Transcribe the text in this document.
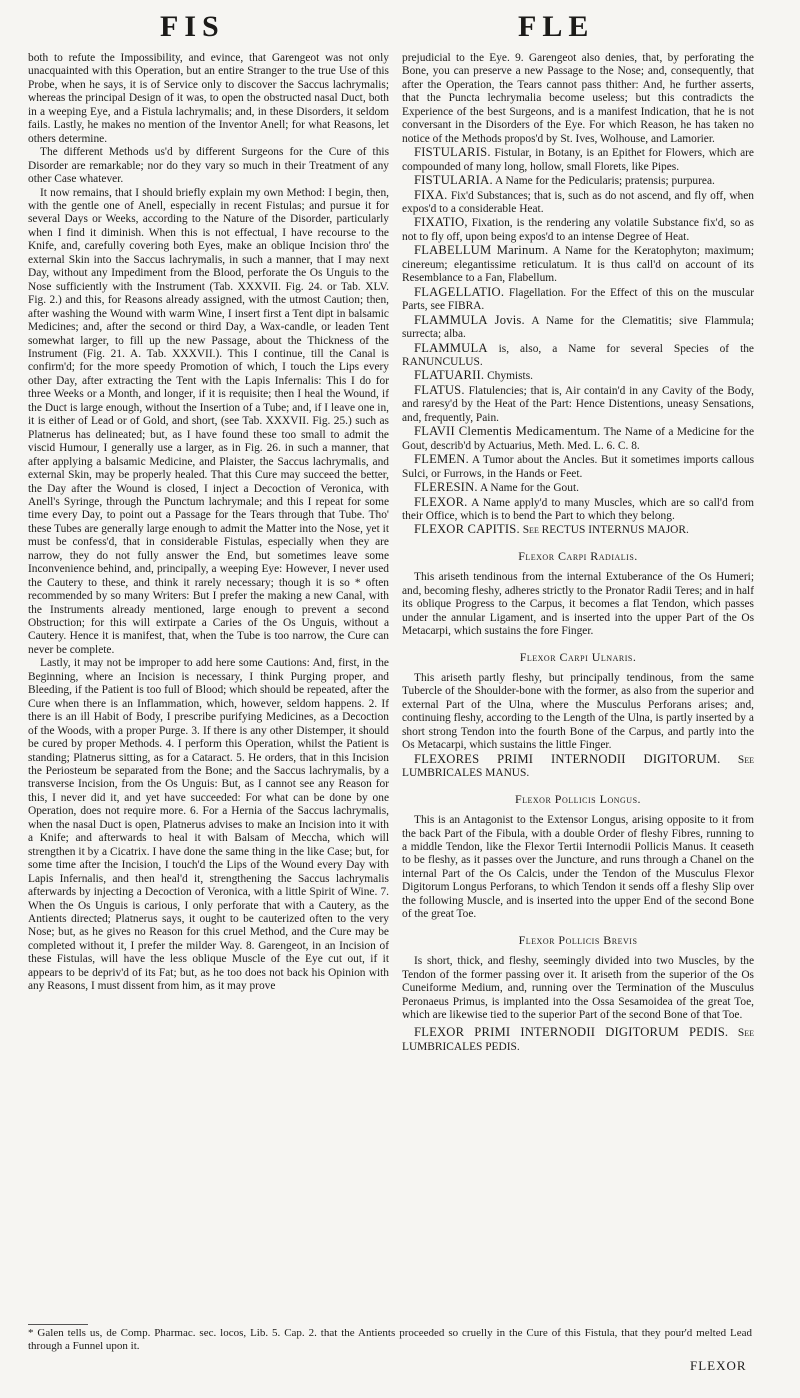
FIS	FLE

both to refute the Impossibility, and evince, that Garengeot was not only unacquainted with this Operation, but an entire Stranger to the true Use of this Probe, when he says, it is of Service only to discover the Saccus lachrymalis; whereas the principal Design of it was, to open the obstructed nasal Duct, both in a weeping Eye, and a Fistula lachrymalis; and, in these Disorders, it seldom fails. Lastly, he makes no mention of the Inventor Anell; for what Reasons, let others determine.

The different Methods us'd by different Surgeons for the Cure of this Disorder are remarkable; nor do they vary so much in their Treatment of any other Case whatever.

It now remains, that I should briefly explain my own Method: I begin, then, with the gentle one of Anell, especially in recent Fistulas; and pursue it for several Days or Weeks, according to the Nature of the Disorder, particularly when I find it diminish. When this is not effectual, I have recourse to the Knife, and, carefully covering both Eyes, make an oblique Incision thro' the external Skin into the Saccus lachrymalis, in such a manner, that I may next Day, without any Impediment from the Blood, perforate the Os Unguis to the Nose sufficiently with the Instrument (Tab. XXXVII. Fig. 24. or Tab. XLV. Fig. 2.) and this, for Reasons already assigned, with the utmost Caution; then, after washing the Wound with warm Wine, I insert first a Tent dipt in balsamic Medicines; and, after the second or third Day, a Wax-candle, or leaden Tent somewhat larger, to fill up the new Passage, about the Thickness of the Instrument (Fig. 21. A. Tab. XXXVII.). This I continue, till the Canal is confirm'd; for the more speedy Promotion of which, I touch the Lips every other Day, after extracting the Tent with the Lapis Infernalis: This I do for three Weeks or a Month, and longer, if it is requisite; then I heal the Wound, if the Duct is large enough, without the Insertion of a Tube; and, if I leave one in, it is either of Lead or of Gold, and short, (see Tab. XXXVII. Fig. 25.) such as Platnerus has delineated; but, as I have found these too small to admit the viscid Humour, I generally use a larger, as in Fig. 26. in such a manner, that after applying a balsamic Medicine, and Plaister, the Saccus lachrymalis, and external Skin, may be properly healed. That this Cure may succeed the better, the Day after the Wound is closed, I inject a Decoction of Veronica, with Anell's Syringe, through the Punctum lachrymale; and this I repeat for some time every Day, to point out a Passage for the Tears through that Tube. Tho' these Tubes are generally large enough to admit the Matter into the Nose, yet it must be confess'd, that in considerable Fistulas, especially when they are narrow, they do not fully answer the End, but sometimes leave some Inconvenience behind, and, principally, a weeping Eye: However, I never used the Cautery to these, and think it rarely necessary; though it is so * often recommended by so many Writers: But I prefer the making a new Canal, with the Instruments already mentioned, large enough to prevent a second Obstruction; for this will extirpate a Caries of the Os Unguis, without a Cautery. Hence it is manifest, that, when the Tube is too narrow, the Cure can never be complete.

Lastly, it may not be improper to add here some Cautions: And, first, in the Beginning, where an Incision is necessary, I think Purging proper, and Bleeding, if the Patient is too full of Blood; which should be repeated, after the Cure when there is an Inflammation, which, however, seldom happens. 2. If there is an ill Habit of Body, I prescribe purifying Medicines, as a Decoction of the Woods, with a proper Purge. 3. If there is any other Distemper, it should be cured by proper Methods. 4. I perform this Operation, whilst the Patient is standing; Platnerus sitting, as for a Cataract. 5. He orders, that in this Incision the Periosteum be separated from the Bone; and the Saccus lachrymalis, by a transverse Incision, from the Os Unguis: But, as I cannot see any Reason for this, I never did it, and yet have succeeded: For what can be done by one Operation, does not require more. 6. For a Hernia of the Saccus lachrymalis, when the nasal Duct is open, Platnerus advises to make an Incision into it with a Knife; and afterwards to heal it with Balsam of Meccha, which will strengthen it by a Cicatrix. I have done the same thing in the like Case; but, for some time after the Incision, I touch'd the Lips of the Wound every Day with Lapis Infernalis, and then heal'd it, strengthening the Saccus lachrymalis afterwards by injecting a Decoction of Veronica, with a little Spirit of Wine. 7. When the Os Unguis is carious, I only perforate that with a Cautery, as the Antients directed; Platnerus says, it ought to be cauterized often to the very Nose; but, as he gives no Reason for this cruel Method, and the Cure may be completed without it, I prefer the milder Way. 8. Garengeot, in an Incision of these Fistulas, will have the less oblique Muscle of the Eye cut out, if it appears to be depriv'd of its Fat; but, as he too does not back his Opinion with any Reasons, I must dissent from him, as it may prove

prejudicial to the Eye. 9. Garengeot also denies, that, by perforating the Bone, you can preserve a new Passage to the Nose; and, consequently, that after the Operation, the Tears cannot pass thither: And, he further asserts, that the Puncta lechrymalia become useless; but this contradicts the Experience of the best Surgeons, and is a manifest Indication, that he is not conversant in the Disorders of the Eye. For which Reason, he has taken no notice of the Methods propos'd by St. Ives, Wolhouse, and Lamorier.

FISTULARIS. Fistular, in Botany, is an Epithet for Flowers, which are compounded of many long, hollow, small Florets, like Pipes.

FISTULARIA. A Name for the Pedicularis; pratensis; purpurea.

FIXA. Fix'd Substances; that is, such as do not ascend, and fly off, when expos'd to a considerable Heat.

FIXATIO, Fixation, is the rendering any volatile Substance fix'd, so as not to fly off, upon being expos'd to an intense Degree of Heat.

FLABELLUM Marinum. A Name for the Keratophyton; maximum; cinereum; elegantissime reticulatum. It is thus call'd on account of its Resemblance to a Fan, Flabellum.

FLAGELLATIO. Flagellation. For the Effect of this on the muscular Parts, see FIBRA.

FLAMMULA Jovis. A Name for the Clematitis; sive Flammula; surrecta; alba.

FLAMMULA is, also, a Name for several Species of the RANUNCULUS.

FLATUARII. Chymists.

FLATUS. Flatulencies; that is, Air contain'd in any Cavity of the Body, and raresy'd by the Heat of the Part: Hence Distentions, uneasy Sensations, and, frequently, Pain.

FLAVII Clementis Medicamentum. The Name of a Medicine for the Gout, describ'd by Actuarius, Meth. Med. L. 6. C. 8.

FLEMEN. A Tumor about the Ancles. But it sometimes imports callous Sulci, or Furrows, in the Hands or Feet.

FLERESIN. A Name for the Gout.

FLEXOR. A Name apply'd to many Muscles, which are so call'd from their Office, which is to bend the Part to which they belong.

FLEXOR CAPITIS. See RECTUS INTERNUS MAJOR.

Flexor Carpi Radialis.

This ariseth tendinous from the internal Extuberance of the Os Humeri; and, becoming fleshy, adheres strictly to the Pronator Radii Teres; and in half its oblique Progress to the Carpus, it becomes a flat Tendon, which passes under the annular Ligament, and is inserted into the upper Part of the Os Metacarpi, which sustains the fore Finger.

Flexor Carpi Ulnaris.

This ariseth partly fleshy, but principally tendinous, from the same Tubercle of the Shoulder-bone with the former, as also from the superior and external Part of the Ulna, where the Musculus Perforans arises; and, continuing fleshy, according to the Length of the Ulna, is partly inserted by a short strong Tendon into the fourth Bone of the Carpus, and partly into the Os Metacarpi, which sustains the little Finger.

FLEXORES PRIMI INTERNODII DIGITORUM. See LUMBRICALES MANUS.

Flexor Pollicis Longus.

This is an Antagonist to the Extensor Longus, arising opposite to it from the back Part of the Fibula, with a double Order of fleshy Fibres, running to a middle Tendon, like the Flexor Tertii Internodii Pollicis Manus. It ceaseth to be fleshy, as it passes over the Juncture, and runs through a Chanel on the internal Part of the Os Calcis, under the Tendon of the Musculus Flexor Digitorum Longus Perforans, to which Tendon it sends off a fleshy Slip over the following Muscle, and is inserted into the upper End of the second Bone of the great Toe.

Flexor Pollicis Brevis

Is short, thick, and fleshy, seemingly divided into two Muscles, by the Tendon of the former passing over it. It ariseth from the superior of the Os Cuneiforme Medium, and, running over the Termination of the Musculus Peronaeus Primus, is implanted into the Ossa Sesamoidea of the great Toe, which are likewise tied to the superior Part of the second Bone of that Toe.

FLEXOR PRIMI INTERNODII DIGITORUM PEDIS. See LUMBRICALES PEDIS.

* Galen tells us, de Comp. Pharmac. sec. locos, Lib. 5. Cap. 2. that the Antients proceeded so cruelly in the Cure of this Fistula, that they pour'd melted Lead through a Funnel upon it.
FLEXOR
